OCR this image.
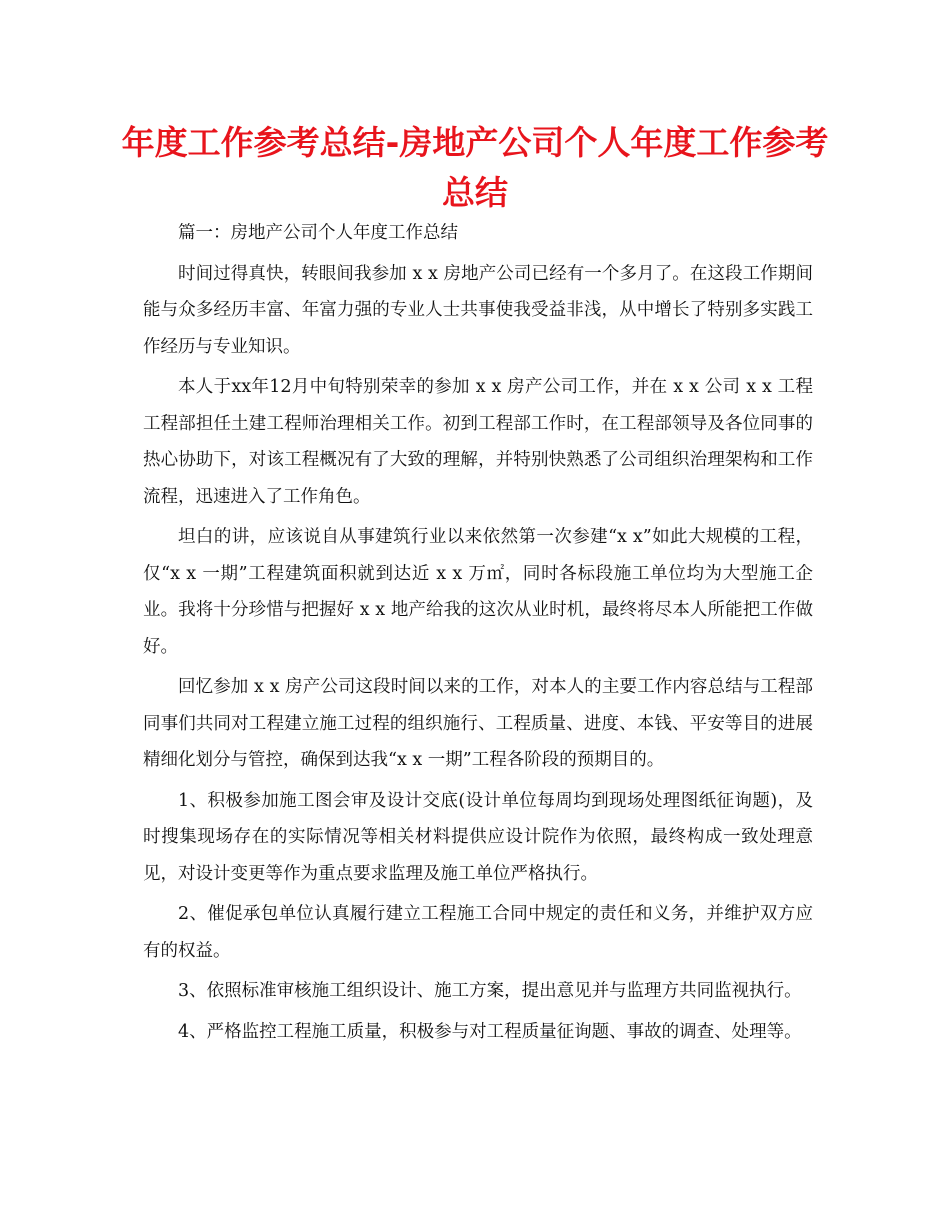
年度工作参考总结-房地产公司个人年度工作参考总结

篇一：房地产公司个人年度工作总结

时间过得真快，转眼间我参加 x x 房地产公司已经有一个多月了。在这段工作期间能与众多经历丰富、年富力强的专业人士共事使我受益非浅，从中增长了特别多实践工作经历与专业知识。

本人于xx年12月中旬特别荣幸的参加 x x 房产公司工作，并在 x x 公司 x x 工程工程部担任土建工程师治理相关工作。初到工程部工作时，在工程部领导及各位同事的热心协助下，对该工程概况有了大致的理解，并特别快熟悉了公司组织治理架构和工作流程，迅速进入了工作角色。

坦白的讲，应该说自从事建筑行业以来依然第一次参建“x x”如此大规模的工程，仅“x x 一期”工程建筑面积就到达近 x x 万㎡，同时各标段施工单位均为大型施工企业。我将十分珍惜与把握好 x x 地产给我的这次从业时机，最终将尽本人所能把工作做好。

回忆参加 x x 房产公司这段时间以来的工作，对本人的主要工作内容总结与工程部同事们共同对工程建立施工过程的组织施行、工程质量、进度、本钱、平安等目的进展精细化划分与管控，确保到达我“x x 一期”工程各阶段的预期目的。

1、积极参加施工图会审及设计交底(设计单位每周均到现场处理图纸征询题)，及时搜集现场存在的实际情况等相关材料提供应设计院作为依照，最终构成一致处理意见，对设计变更等作为重点要求监理及施工单位严格执行。

2、催促承包单位认真履行建立工程施工合同中规定的责任和义务，并维护双方应有的权益。

3、依照标准审核施工组织设计、施工方案，提出意见并与监理方共同监视执行。

4、严格监控工程施工质量，积极参与对工程质量征询题、事故的调查、处理等。
